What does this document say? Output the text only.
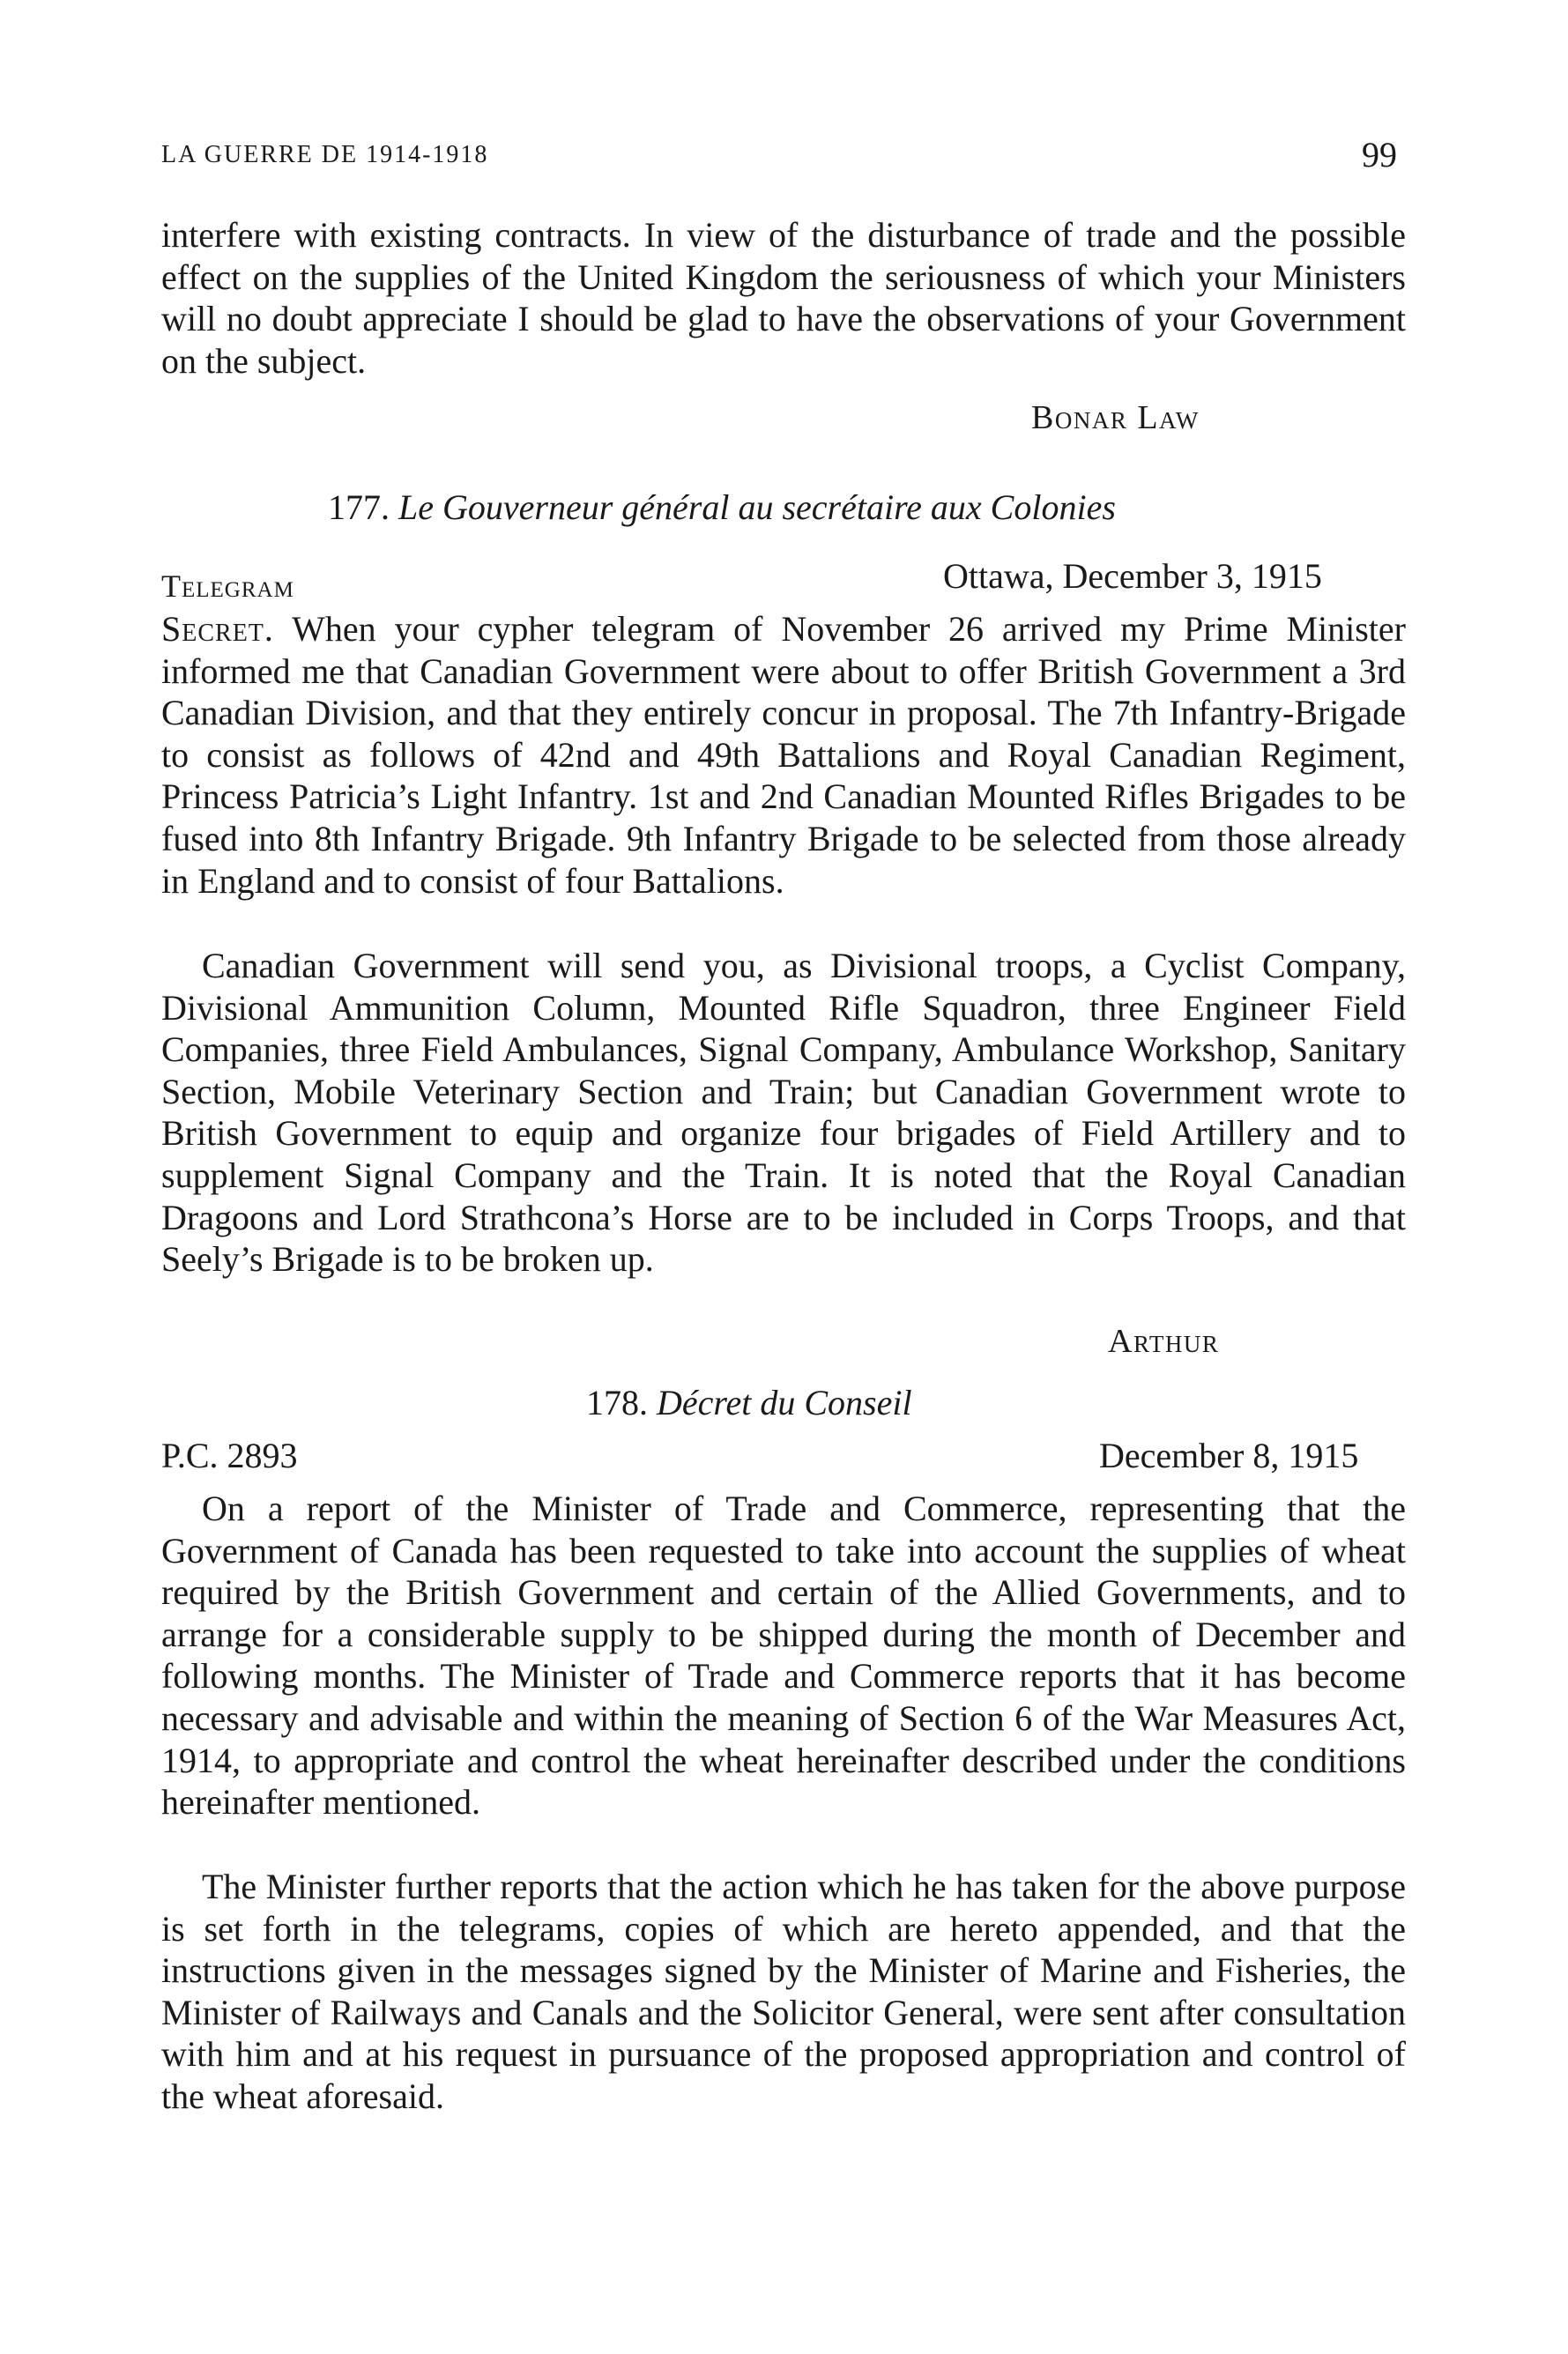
LA GUERRE DE 1914-1918	99
interfere with existing contracts. In view of the disturbance of trade and the possible effect on the supplies of the United Kingdom the seriousness of which your Ministers will no doubt appreciate I should be glad to have the observations of your Government on the subject.
Bonar Law
177. Le Gouverneur général au secrétaire aux Colonies
Telegram	Ottawa, December 3, 1915
Secret. When your cypher telegram of November 26 arrived my Prime Minister informed me that Canadian Government were about to offer British Government a 3rd Canadian Division, and that they entirely concur in proposal. The 7th Infantry-Brigade to consist as follows of 42nd and 49th Battalions and Royal Canadian Regiment, Princess Patricia’s Light Infantry. 1st and 2nd Canadian Mounted Rifles Brigades to be fused into 8th Infantry Brigade. 9th Infantry Brigade to be selected from those already in England and to consist of four Battalions.
Canadian Government will send you, as Divisional troops, a Cyclist Company, Divisional Ammunition Column, Mounted Rifle Squadron, three Engineer Field Companies, three Field Ambulances, Signal Company, Ambulance Workshop, Sanitary Section, Mobile Veterinary Section and Train; but Canadian Government wrote to British Government to equip and organize four brigades of Field Artillery and to supplement Signal Company and the Train. It is noted that the Royal Canadian Dragoons and Lord Strathcona’s Horse are to be included in Corps Troops, and that Seely’s Brigade is to be broken up.
Arthur
178. Décret du Conseil
P.C. 2893	December 8, 1915
On a report of the Minister of Trade and Commerce, representing that the Government of Canada has been requested to take into account the supplies of wheat required by the British Government and certain of the Allied Governments, and to arrange for a considerable supply to be shipped during the month of December and following months. The Minister of Trade and Commerce reports that it has become necessary and advisable and within the meaning of Section 6 of the War Measures Act, 1914, to appropriate and control the wheat hereinafter described under the conditions hereinafter mentioned.
The Minister further reports that the action which he has taken for the above purpose is set forth in the telegrams, copies of which are hereto appended, and that the instructions given in the messages signed by the Minister of Marine and Fisheries, the Minister of Railways and Canals and the Solicitor General, were sent after consultation with him and at his request in pursuance of the proposed appropriation and control of the wheat aforesaid.
